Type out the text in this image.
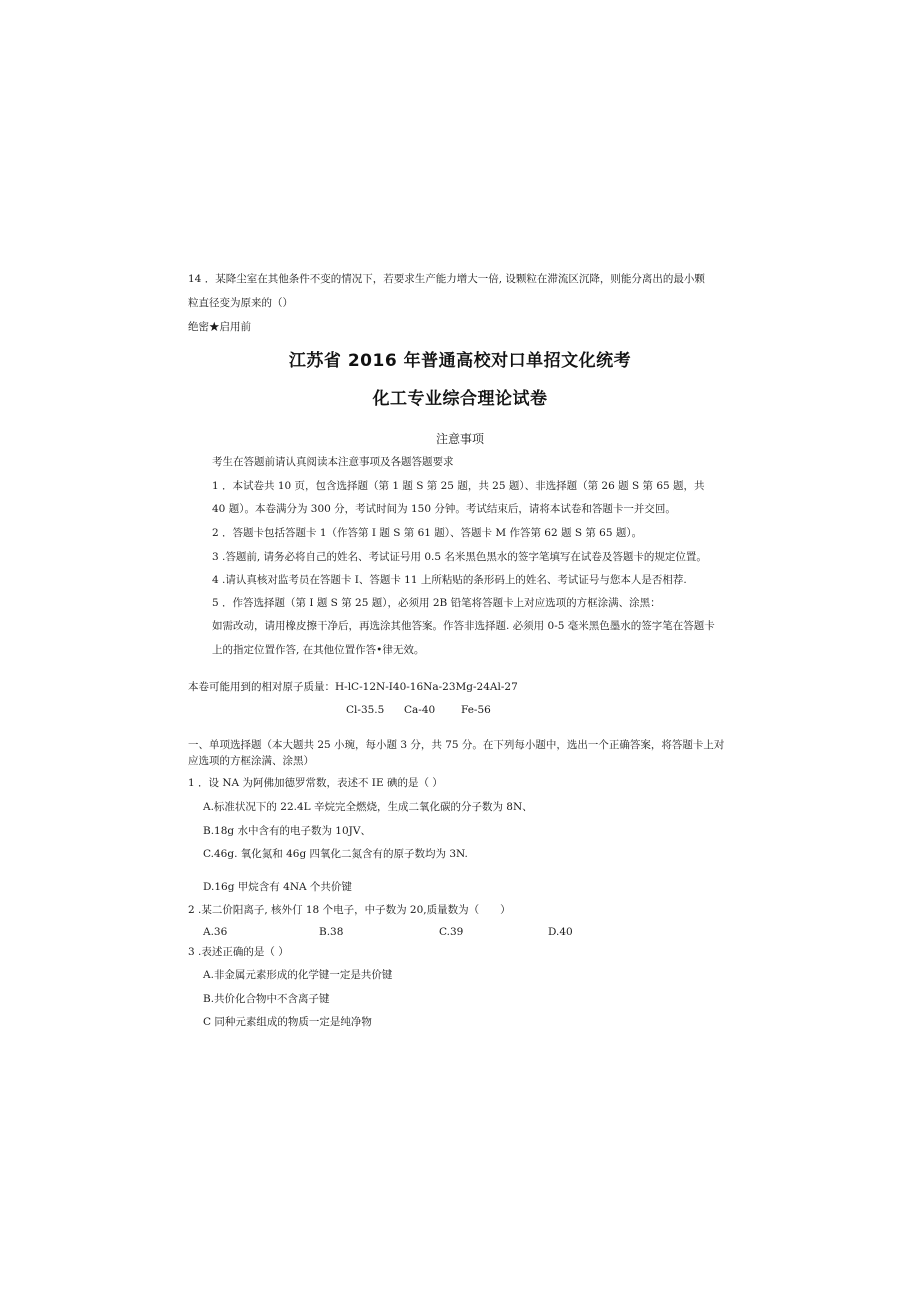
14 ．某降尘室在其他条件不变的情况下，若要求生产能力增大一倍, 设颗粒在滞流区沉降，则能分离出的最小颗
粒直径变为原来的（）
绝密★启用前
江苏省 2016 年普通高校对口单招文化统考
化工专业综合理论试卷
注意事项
考生在答题前请认真阅读本注意事项及各题答题要求
1 ．本试卷共 10 页，包含选择题（第 1 题 S 第 25 题，共 25 题）、非选择题（第 26 题 S 第 65 题，共
40 题）。本卷满分为 300 分，考试时间为 150 分钟。考试结束后，请将本试卷和答题卡一并交回。
2 ．答题卡包括答题卡 1（作答第 I 题 S 第 61 题）、答题卡 M 作答第 62 题 S 第 65 题）。
3 .答题前, 请务必将自己的姓名、考试证号用 0.5 名米黑色黑水的签字笔填写在试卷及答题卡的规定位置。
4 .请认真核对监考员在答题卡 I、答题卡 11 上所粘贴的条形码上的姓名、考试证号与您本人是否相荐.
5 ．作答选择题（第 I 题 S 第 25 题），必须用 2B 铅笔将答题卡上对应选项的方框涂满、涂黑：
如需改动，请用橡皮擦干净后，再选涂其他答案。作答非选择题. 必须用 0-5 毫米黑色墨水的签字笔在答题卡
上的指定位置作答, 在其他位置作答•律无效。
本卷可能用到的相对原子质量：H-lC-12N-I40-16Na-23Mg-24Al-27
Cl-35.5 Ca-40 Fe-56
一、单项选择题（本大题共 25 小琬，每小题 3 分，共 75 分。在下列每小题中，选出一个正确答案，将答题卡上对
应选项的方框涂满、涂黑）
1 ．设 NA 为阿佛加德罗常数，表述不 IE 碘的是（ ）
A.标准状况下的 22.4L 辛烷完全燃烧，生成二氧化碳的分子数为 8N、
B.18g 水中含有的电子数为 10JV、
C.46g. 氧化氮和 46g 四氧化二氮含有的原子数均为 3N.
D.16g 甲烷含有 4NA 个共价键
2 .某二价阳离子, 核外仃 18 个电子，中子数为 20,质量数为（　　）
A.36	B.38	C.39	D.40
3 .表述正确的是（ ）
A.非金属元素形成的化学键一定是共价键
B.共价化合物中不含离子键
C 同种元素组成的物质一定是纯净物
